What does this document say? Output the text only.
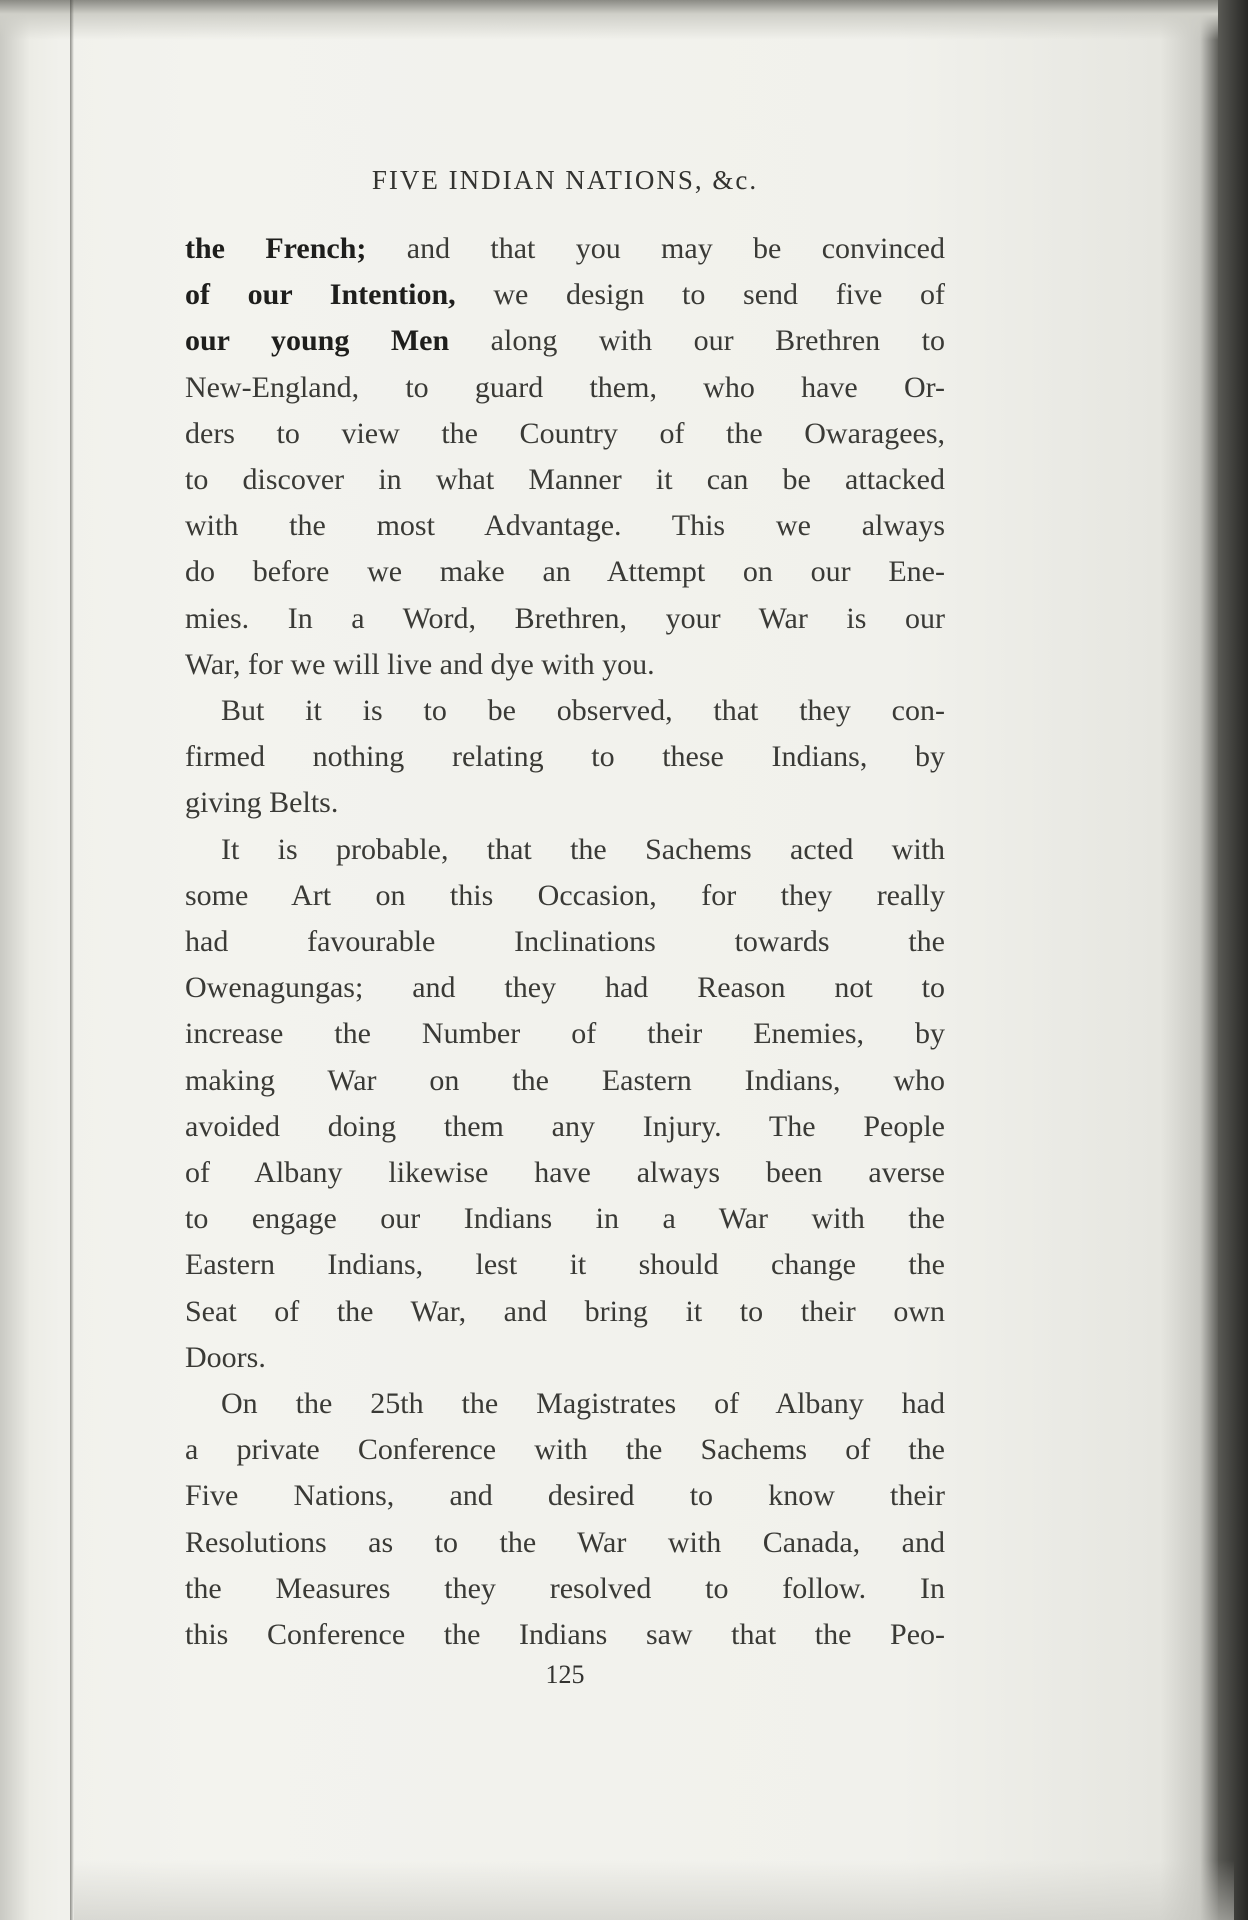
FIVE INDIAN NATIONS, &c.
the French; and that you may be convinced
of our Intention, we design to send five of
our young Men along with our Brethren to
New-England, to guard them, who have Or-
ders to view the Country of the Owaragees,
to discover in what Manner it can be attacked
with the most Advantage. This we always
do before we make an Attempt on our Ene-
mies. In a Word, Brethren, your War is our
War, for we will live and dye with you.
But it is to be observed, that they con-
firmed nothing relating to these Indians, by
giving Belts.
It is probable, that the Sachems acted with
some Art on this Occasion, for they really
had favourable Inclinations towards the
Owenagungas; and they had Reason not to
increase the Number of their Enemies, by
making War on the Eastern Indians, who
avoided doing them any Injury. The People
of Albany likewise have always been averse
to engage our Indians in a War with the
Eastern Indians, lest it should change the
Seat of the War, and bring it to their own
Doors.
On the 25th the Magistrates of Albany had
a private Conference with the Sachems of the
Five Nations, and desired to know their
Resolutions as to the War with Canada, and
the Measures they resolved to follow. In
this Conference the Indians saw that the Peo-
125
